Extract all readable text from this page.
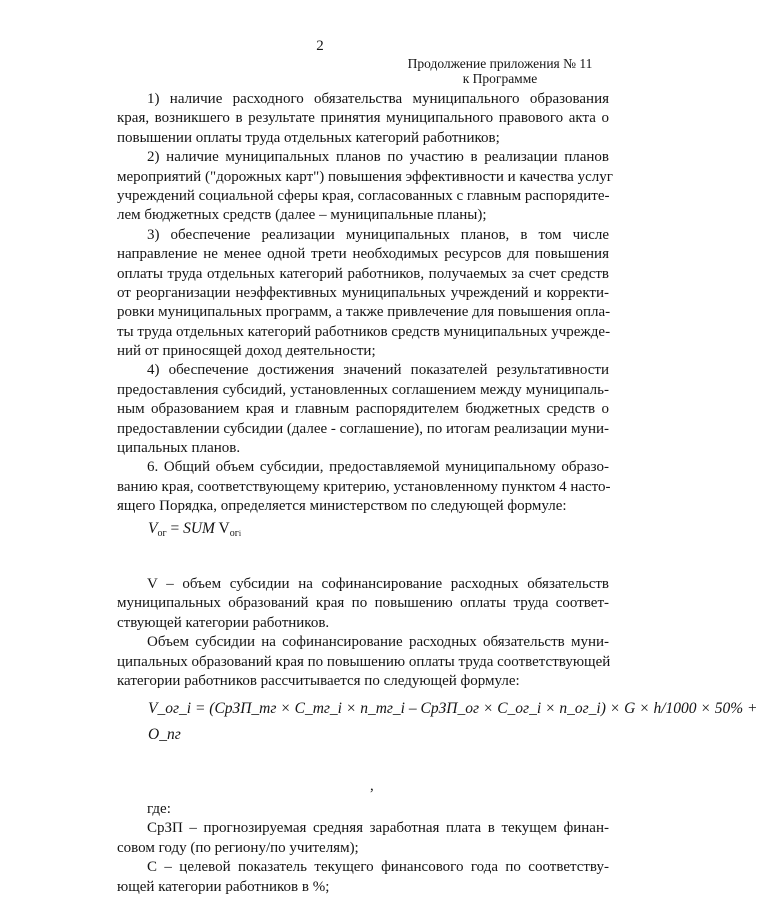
2
Продолжение приложения № 11
к Программе
1) наличие расходного обязательства муниципального образования
края, возникшего в результате принятия муниципального правового акта о
повышении оплаты труда отдельных категорий работников;
2) наличие муниципальных планов по участию в реализации планов
мероприятий ("дорожных карт") повышения эффективности и качества услуг
учреждений социальной сферы края, согласованных с главным распорядите-
лем бюджетных средств (далее – муниципальные планы);
3) обеспечение реализации муниципальных планов, в том числе
направление не менее одной трети необходимых ресурсов для повышения
оплаты труда отдельных категорий работников, получаемых за счет средств
от реорганизации неэффективных муниципальных учреждений и корректи-
ровки муниципальных программ, а также привлечение для повышения опла-
ты труда отдельных категорий работников средств муниципальных учрежде-
ний от приносящей доход деятельности;
4) обеспечение достижения значений показателей результативности
предоставления субсидий, установленных соглашением между муниципаль-
ным образованием края и главным распорядителем бюджетных средств о
предоставлении субсидии (далее - соглашение), по итогам реализации муни-
ципальных планов.
6. Общий объем субсидии, предоставляемой муниципальному образо-
ванию края, соответствующему критерию, установленному пунктом 4 насто-
ящего Порядка, определяется министерством по следующей формуле:
$V_{ог}$ = SUM $V_{огi}$
V – объем субсидии на софинансирование расходных обязательств
муниципальных образований края по повышению оплаты труда соответ-
ствующей категории работников.
Объем субсидии на софинансирование расходных обязательств муни-
ципальных образований края по повышению оплаты труда соответствующей
категории работников рассчитывается по следующей формуле:
V_ог_i = (СрЗП_тг × С_тг_i × n_тг_i – СрЗП_ог × С_ог_i × n_ог_i) × G × h/1000 × 50% +
О_пг
,
где:
СрЗП – прогнозируемая средняя заработная плата в текущем финан-
совом году (по региону/по учителям);
С – целевой показатель текущего финансового года по соответству-
ющей категории работников в %;
